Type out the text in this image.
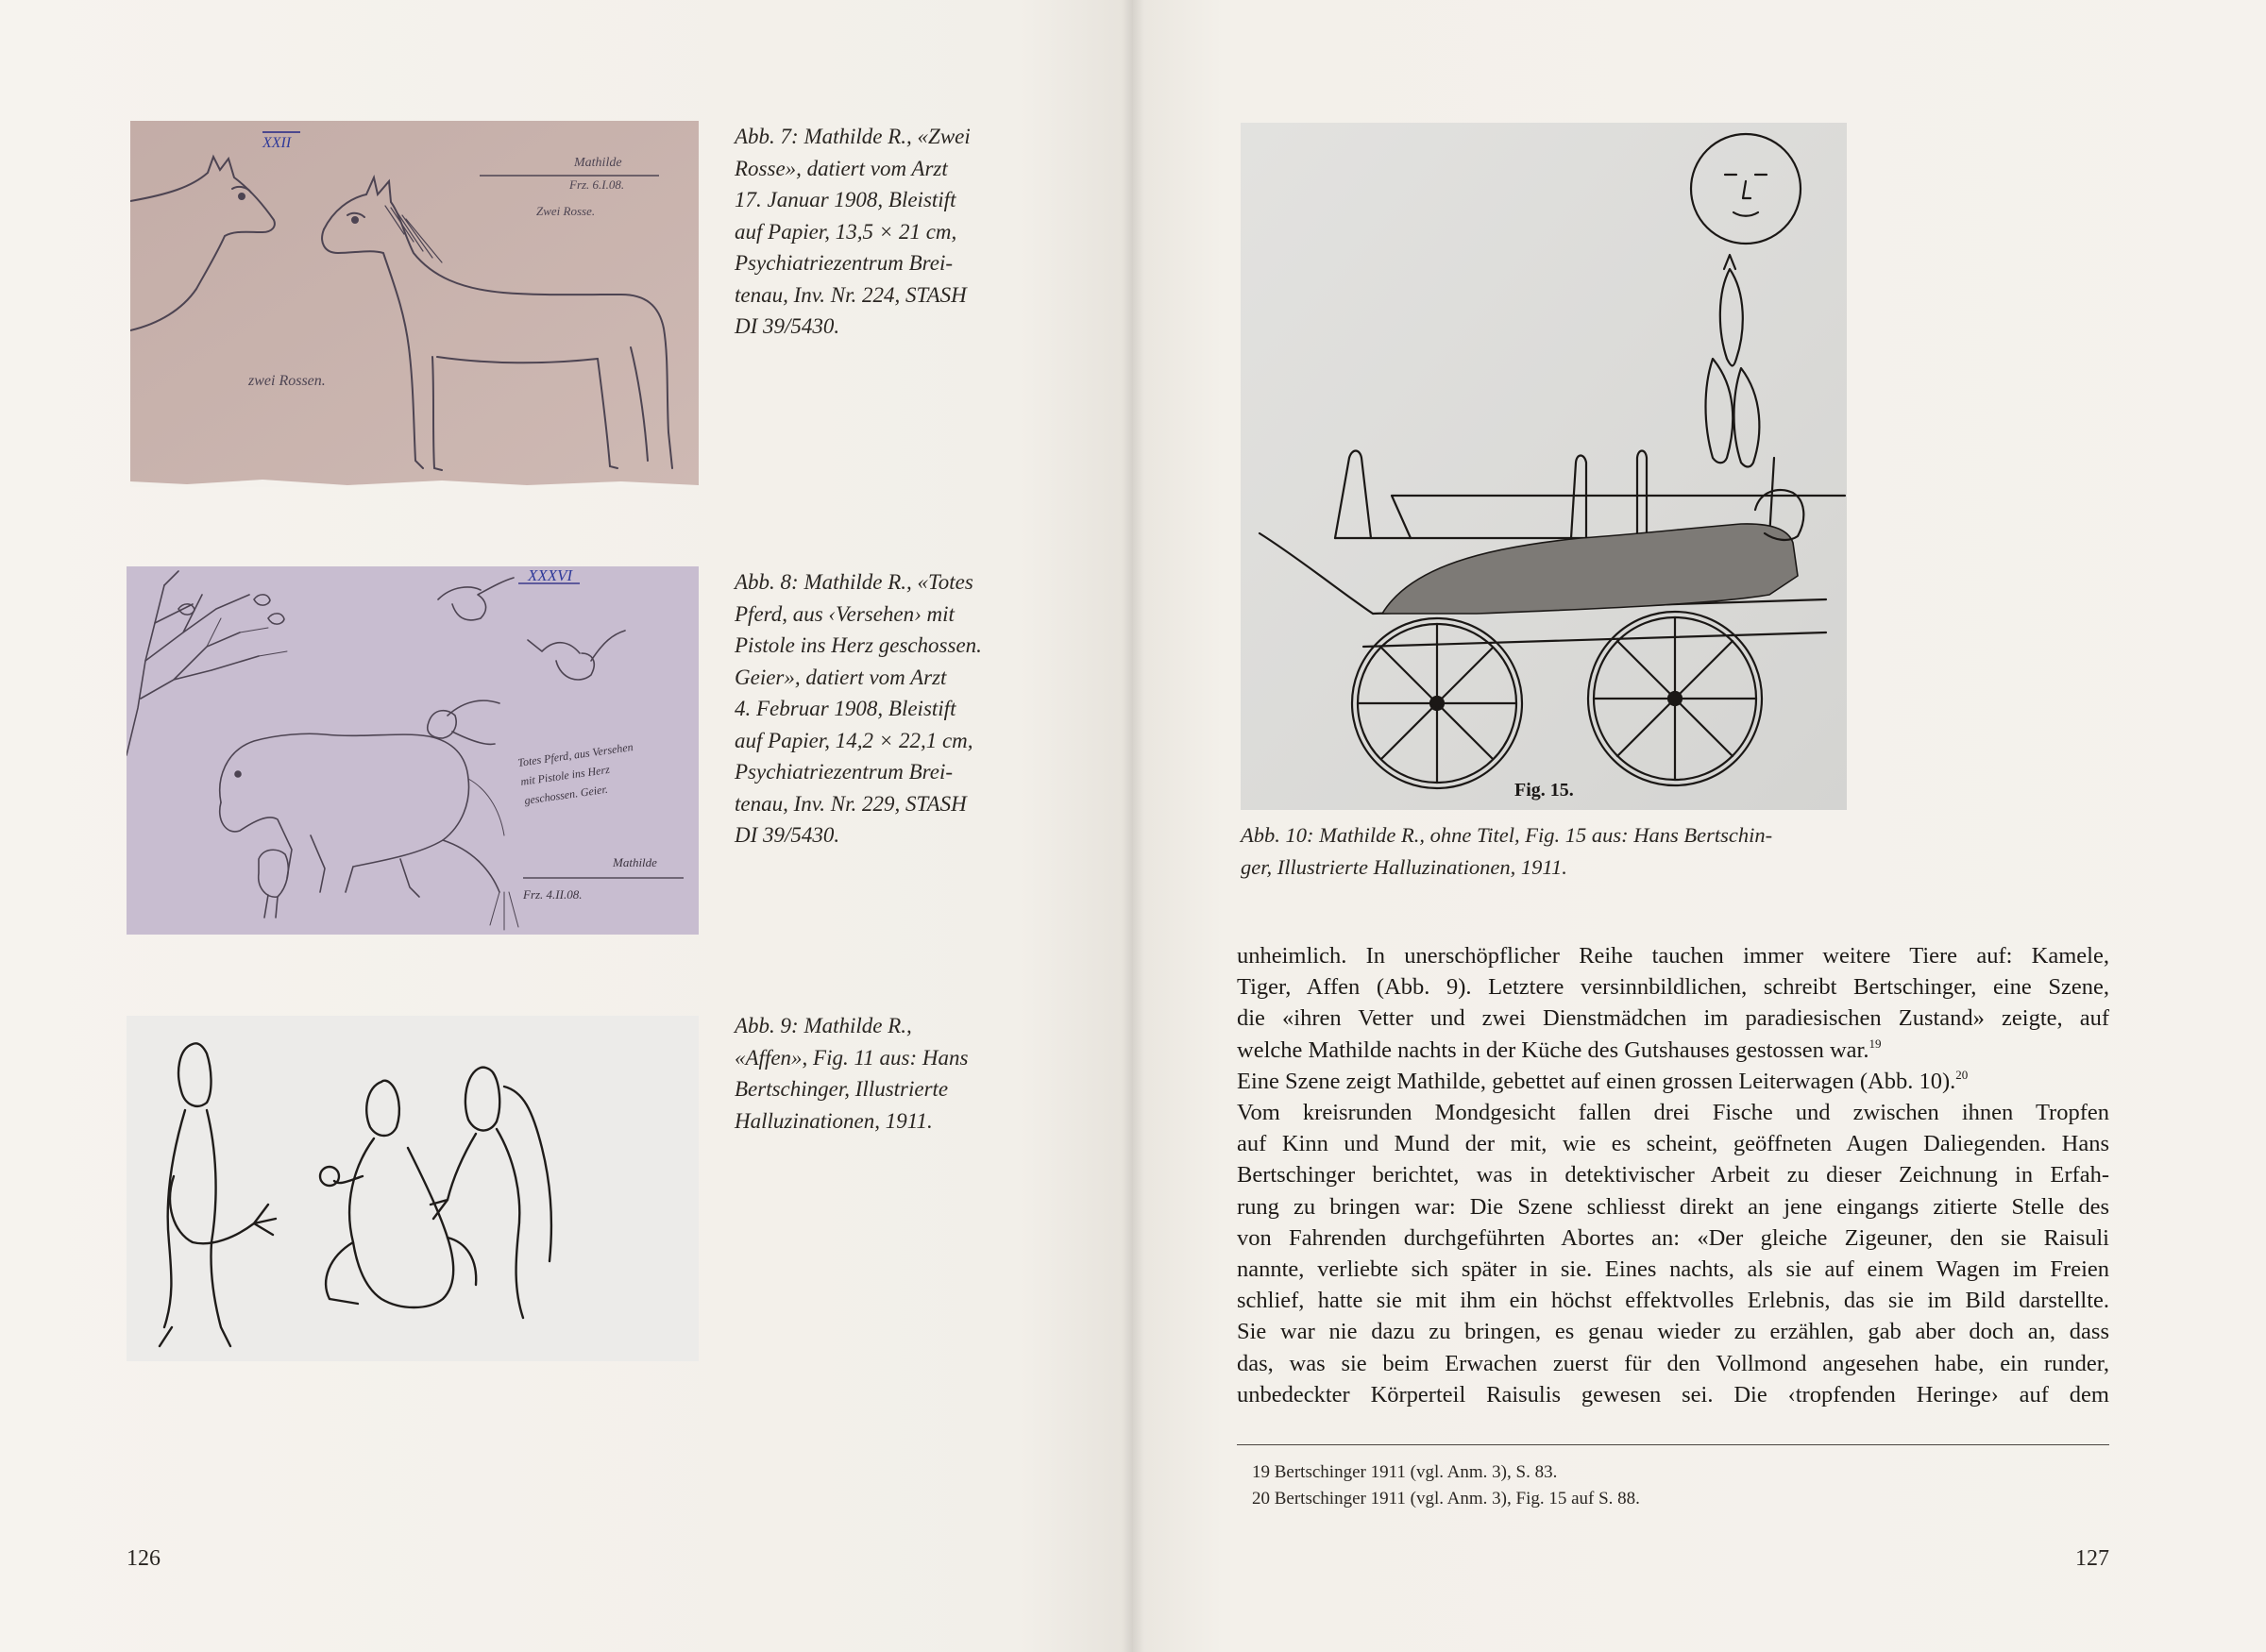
XXII
Mathilde
Frz. 6.I.08.
Zwei Rosse.
zwei Rossen.
Abb. 7: Mathilde R., «Zwei
Rosse», datiert vom Arzt
17. Januar 1908, Bleistift
auf Papier, 13,5 × 21 cm,
Psychiatriezentrum Brei-
tenau, Inv. Nr. 224, STASH
DI 39/5430.
XXXVI
Totes Pferd, aus Versehen
mit Pistole ins Herz
geschossen. Geier.
Mathilde
Frz. 4.II.08.
Abb. 8: Mathilde R., «Totes
Pferd, aus ‹Versehen› mit
Pistole ins Herz geschossen.
Geier», datiert vom Arzt
4. Februar 1908, Bleistift
auf Papier, 14,2 × 22,1 cm,
Psychiatriezentrum Brei-
tenau, Inv. Nr. 229, STASH
DI 39/5430.
Abb. 9: Mathilde R.,
«Affen», Fig. 11 aus: Hans
Bertschinger, Illustrierte
Halluzinationen, 1911.
126
Fig. 15.
Abb. 10: Mathilde R., ohne Titel, Fig. 15 aus: Hans Bertschin-
ger, Illustrierte Halluzinationen, 1911.
unheimlich. In unerschöpflicher Reihe tauchen immer weitere Tiere auf: Kamele,
Tiger, Affen (Abb. 9). Letztere versinnbildlichen, schreibt Bertschinger, eine Szene,
die «ihren Vetter und zwei Dienstmädchen im paradiesischen Zustand» zeigte, auf
welche Mathilde nachts in der Küche des Gutshauses gestossen war.$^{19}$
Eine Szene zeigt Mathilde, gebettet auf einen grossen Leiterwagen (Abb. 10).$^{20}$
Vom kreisrunden Mondgesicht fallen drei Fische und zwischen ihnen Tropfen
auf Kinn und Mund der mit, wie es scheint, geöffneten Augen Daliegenden. Hans
Bertschinger berichtet, was in detektivischer Arbeit zu dieser Zeichnung in Erfah-
rung zu bringen war: Die Szene schliesst direkt an jene eingangs zitierte Stelle des
von Fahrenden durchgeführten Abortes an: «Der gleiche Zigeuner, den sie Raisuli
nannte, verliebte sich später in sie. Eines nachts, als sie auf einem Wagen im Freien
schlief, hatte sie mit ihm ein höchst effektvolles Erlebnis, das sie im Bild darstellte.
Sie war nie dazu zu bringen, es genau wieder zu erzählen, gab aber doch an, dass
das, was sie beim Erwachen zuerst für den Vollmond angesehen habe, ein runder,
unbedeckter Körperteil Raisulis gewesen sei. Die ‹tropfenden Heringe› auf dem
19 Bertschinger 1911 (vgl. Anm. 3), S. 83.
20 Bertschinger 1911 (vgl. Anm. 3), Fig. 15 auf S. 88.
127
